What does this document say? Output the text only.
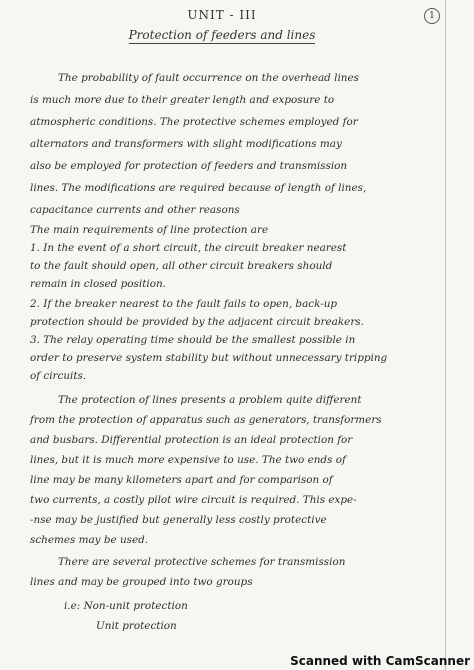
1
UNIT - III
Protection of feeders and lines
The probability of fault occurrence on the overhead lines
is much more due to their greater length and exposure to
atmospheric conditions. The protective schemes employed for
alternators and transformers with slight modifications may
also be employed for protection of feeders and transmission
lines. The modifications are required because of length of lines,
capacitance currents and other reasons
The main requirements of line protection are
1. In the event of a short circuit, the circuit breaker nearest
to the fault should open, all other circuit breakers should
remain in closed position.
2. If the breaker nearest to the fault fails to open, back-up
protection should be provided by the adjacent circuit breakers.
3. The relay operating time should be the smallest possible in
order to preserve system stability but without unnecessary tripping
of circuits.
The protection of lines presents a problem quite different
from the protection of apparatus such as generators, transformers
and busbars. Differential protection is an ideal protection for
lines, but it is much more expensive to use. The two ends of
line may be many kilometers apart and for comparison of
two currents, a costly pilot wire circuit is required. This expe-
-nse may be justified but generally less costly protective
schemes may be used.
There are several protective schemes for transmission
lines and may be grouped into two groups
i.e: Non-unit protection
Unit protection
Scanned with CamScanner
